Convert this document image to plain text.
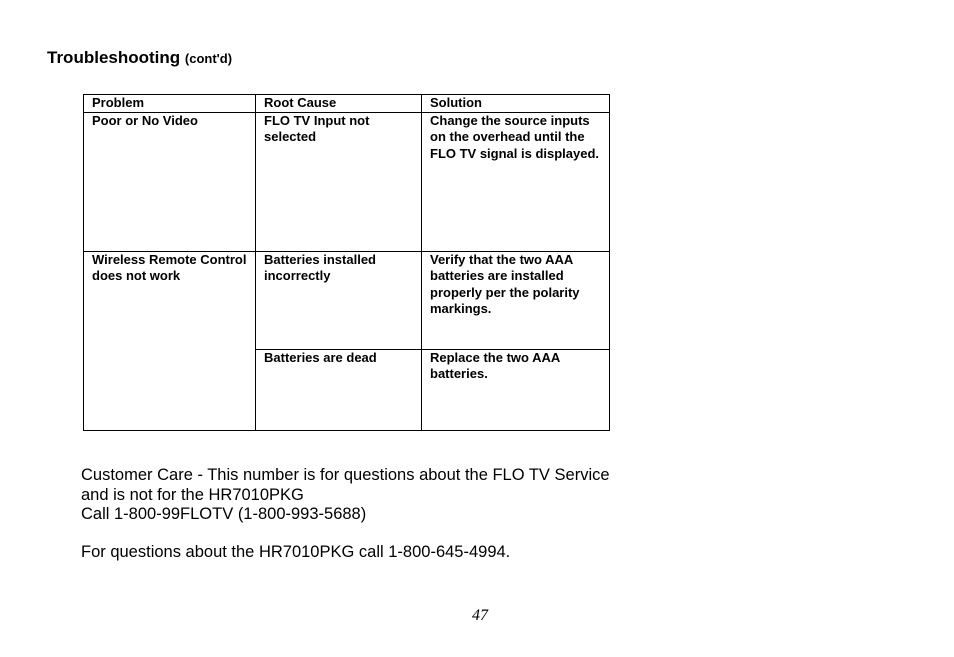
Troubleshooting (cont'd)
Problem	Root Cause	Solution
Poor or No Video	FLO TV Input not selected	Change the source inputs on the overhead until the FLO TV signal is displayed.
Wireless Remote Control does not work	Batteries installed incorrectly	Verify that the two AAA batteries are installed properly per the polarity markings.
	Batteries are dead	Replace the two AAA batteries.
Customer Care - This number is for questions about the FLO TV Service
and is not for the HR7010PKG
Call 1-800-99FLOTV (1-800-993-5688)
For questions about the HR7010PKG call 1-800-645-4994.
47
